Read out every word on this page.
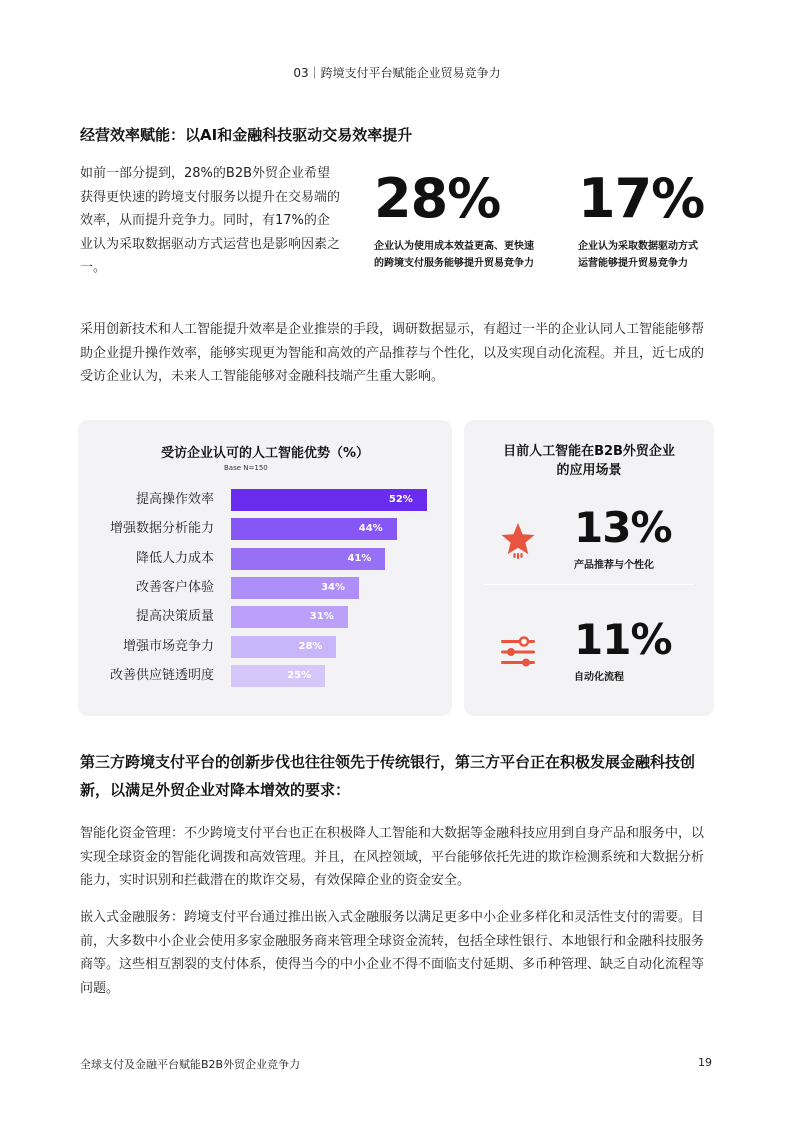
03｜跨境支付平台赋能企业贸易竞争力
经营效率赋能：以AI和金融科技驱动交易效率提升
如前一部分提到，28%的B2B外贸企业希望获得更快速的跨境支付服务以提升在交易端的效率，从而提升竞争力。同时，有17%的企业认为采取数据驱动方式运营也是影响因素之一。
28%
企业认为使用成本效益更高、更快速
的跨境支付服务能够提升贸易竞争力
17%
企业认为采取数据驱动方式
运营能够提升贸易竞争力
采用创新技术和人工智能提升效率是企业推崇的手段，调研数据显示，有超过一半的企业认同人工智能能够帮助企业提升操作效率，能够实现更为智能和高效的产品推荐与个性化，以及实现自动化流程。并且，近七成的受访企业认为，未来人工智能能够对金融科技端产生重大影响。
受访企业认可的人工智能优势（%）
Base N=150
提高操作效率	52%
增强数据分析能力	44%
降低人力成本	41%
改善客户体验	34%
提高决策质量	31%
增强市场竞争力	28%
改善供应链透明度	25%
目前人工智能在B2B外贸企业
的应用场景
13%
产品推荐与个性化
11%
自动化流程
第三方跨境支付平台的创新步伐也往往领先于传统银行，第三方平台正在积极发展金融科技创新，以满足外贸企业对降本增效的要求：
智能化资金管理：不少跨境支付平台也正在积极降人工智能和大数据等金融科技应用到自身产品和服务中，以实现全球资金的智能化调拨和高效管理。并且，在风控领域，平台能够依托先进的欺诈检测系统和大数据分析能力，实时识别和拦截潜在的欺诈交易，有效保障企业的资金安全。
嵌入式金融服务：跨境支付平台通过推出嵌入式金融服务以满足更多中小企业多样化和灵活性支付的需要。目前，大多数中小企业会使用多家金融服务商来管理全球资金流转，包括全球性银行、本地银行和金融科技服务商等。这些相互割裂的支付体系，使得当今的中小企业不得不面临支付延期、多币种管理、缺乏自动化流程等问题。
全球支付及金融平台赋能B2B外贸企业竞争力	19
